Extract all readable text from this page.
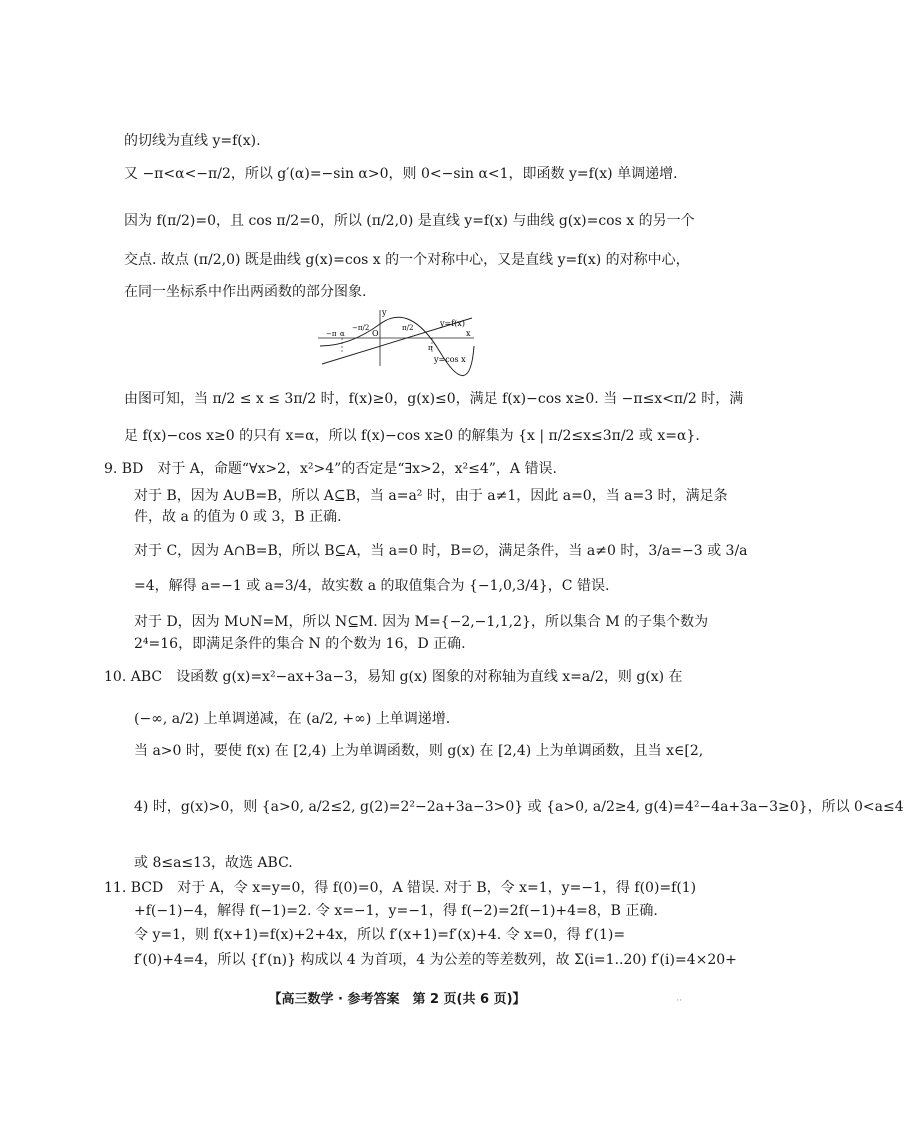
的切线为直线 y=f(x).
又 −π<α<−π/2，所以 g′(α)=−sin α>0，则 0<−sin α<1，即函数 y=f(x) 单调递增.
因为 f(π/2)=0，且 cos π/2=0，所以 (π/2,0) 是直线 y=f(x) 与曲线 g(x)=cos x 的另一个
交点. 故点 (π/2,0) 既是曲线 g(x)=cos x 的一个对称中心，又是直线 y=f(x) 的对称中心，
在同一坐标系中作出两函数的部分图象.
y
y=f(x)
−π α
−π/2
O
π/2
π
x
y=cos x
由图可知，当 π/2 ≤ x ≤ 3π/2 时，f(x)≥0，g(x)≤0，满足 f(x)−cos x≥0. 当 −π≤x<π/2 时，满
足 f(x)−cos x≥0 的只有 x=α，所以 f(x)−cos x≥0 的解集为 {x | π/2≤x≤3π/2 或 x=α}.
9. BD　对于 A，命题“∀x>2，x²>4”的否定是“∃x>2，x²≤4”，A 错误.
对于 B，因为 A∪B=B，所以 A⊆B，当 a=a² 时，由于 a≠1，因此 a=0，当 a=3 时，满足条
件，故 a 的值为 0 或 3，B 正确.
对于 C，因为 A∩B=B，所以 B⊆A，当 a=0 时，B=∅，满足条件，当 a≠0 时，3/a=−3 或 3/a
=4，解得 a=−1 或 a=3/4，故实数 a 的取值集合为 {−1,0,3/4}，C 错误.
对于 D，因为 M∪N=M，所以 N⊆M. 因为 M={−2,−1,1,2}，所以集合 M 的子集个数为
2⁴=16，即满足条件的集合 N 的个数为 16，D 正确.
10. ABC　设函数 g(x)=x²−ax+3a−3，易知 g(x) 图象的对称轴为直线 x=a/2，则 g(x) 在
(−∞, a/2) 上单调递减，在 (a/2, +∞) 上单调递增.
当 a>0 时，要使 f(x) 在 [2,4) 上为单调函数，则 g(x) 在 [2,4) 上为单调函数，且当 x∈[2,
4) 时，g(x)>0，则 {a>0, a/2≤2, g(2)=2²−2a+3a−3>0} 或 {a>0, a/2≥4, g(4)=4²−4a+3a−3≥0}，所以 0<a≤4
或 8≤a≤13，故选 ABC.
11. BCD　对于 A，令 x=y=0，得 f(0)=0，A 错误. 对于 B，令 x=1，y=−1，得 f(0)=f(1)
+f(−1)−4，解得 f(−1)=2. 令 x=−1，y=−1，得 f(−2)=2f(−1)+4=8，B 正确.
令 y=1，则 f(x+1)=f(x)+2+4x，所以 f′(x+1)=f′(x)+4. 令 x=0，得 f′(1)=
f′(0)+4=4，所以 {f′(n)} 构成以 4 为首项，4 为公差的等差数列，故 Σ(i=1..20) f′(i)=4×20+
【高三数学 · 参考答案　第 2 页(共 6 页)】	··
